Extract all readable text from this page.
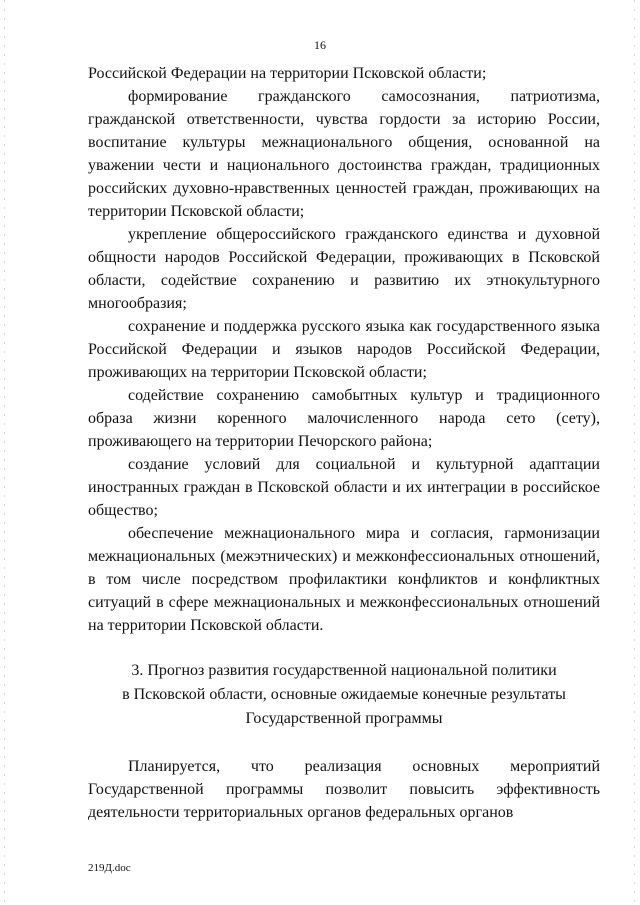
16

Российской Федерации на территории Псковской области;

формирование гражданского самосознания, патриотизма, гражданской ответственности, чувства гордости за историю России, воспитание культуры межнационального общения, основанной на уважении чести и национального достоинства граждан, традиционных российских духовно-нравственных ценностей граждан, проживающих на территории Псковской области;

укрепление общероссийского гражданского единства и духовной общности народов Российской Федерации, проживающих в Псковской области, содействие сохранению и развитию их этнокультурного многообразия;

сохранение и поддержка русского языка как государственного языка Российской Федерации и языков народов Российской Федерации, проживающих на территории Псковской области;

содействие сохранению самобытных культур и традиционного образа жизни коренного малочисленного народа сето (сету), проживающего на территории Печорского района;

создание условий для социальной и культурной адаптации иностранных граждан в Псковской области и их интеграции в российское общество;

обеспечение межнационального мира и согласия, гармонизации межнациональных (межэтнических) и межконфессиональных отношений, в том числе посредством профилактики конфликтов и конфликтных ситуаций в сфере межнациональных и межконфессиональных отношений на территории Псковской области.

3. Прогноз развития государственной национальной политики
в Псковской области, основные ожидаемые конечные результаты
Государственной программы

Планируется, что реализация основных мероприятий Государственной программы позволит повысить эффективность деятельности территориальных органов федеральных органов

219Д.doc
